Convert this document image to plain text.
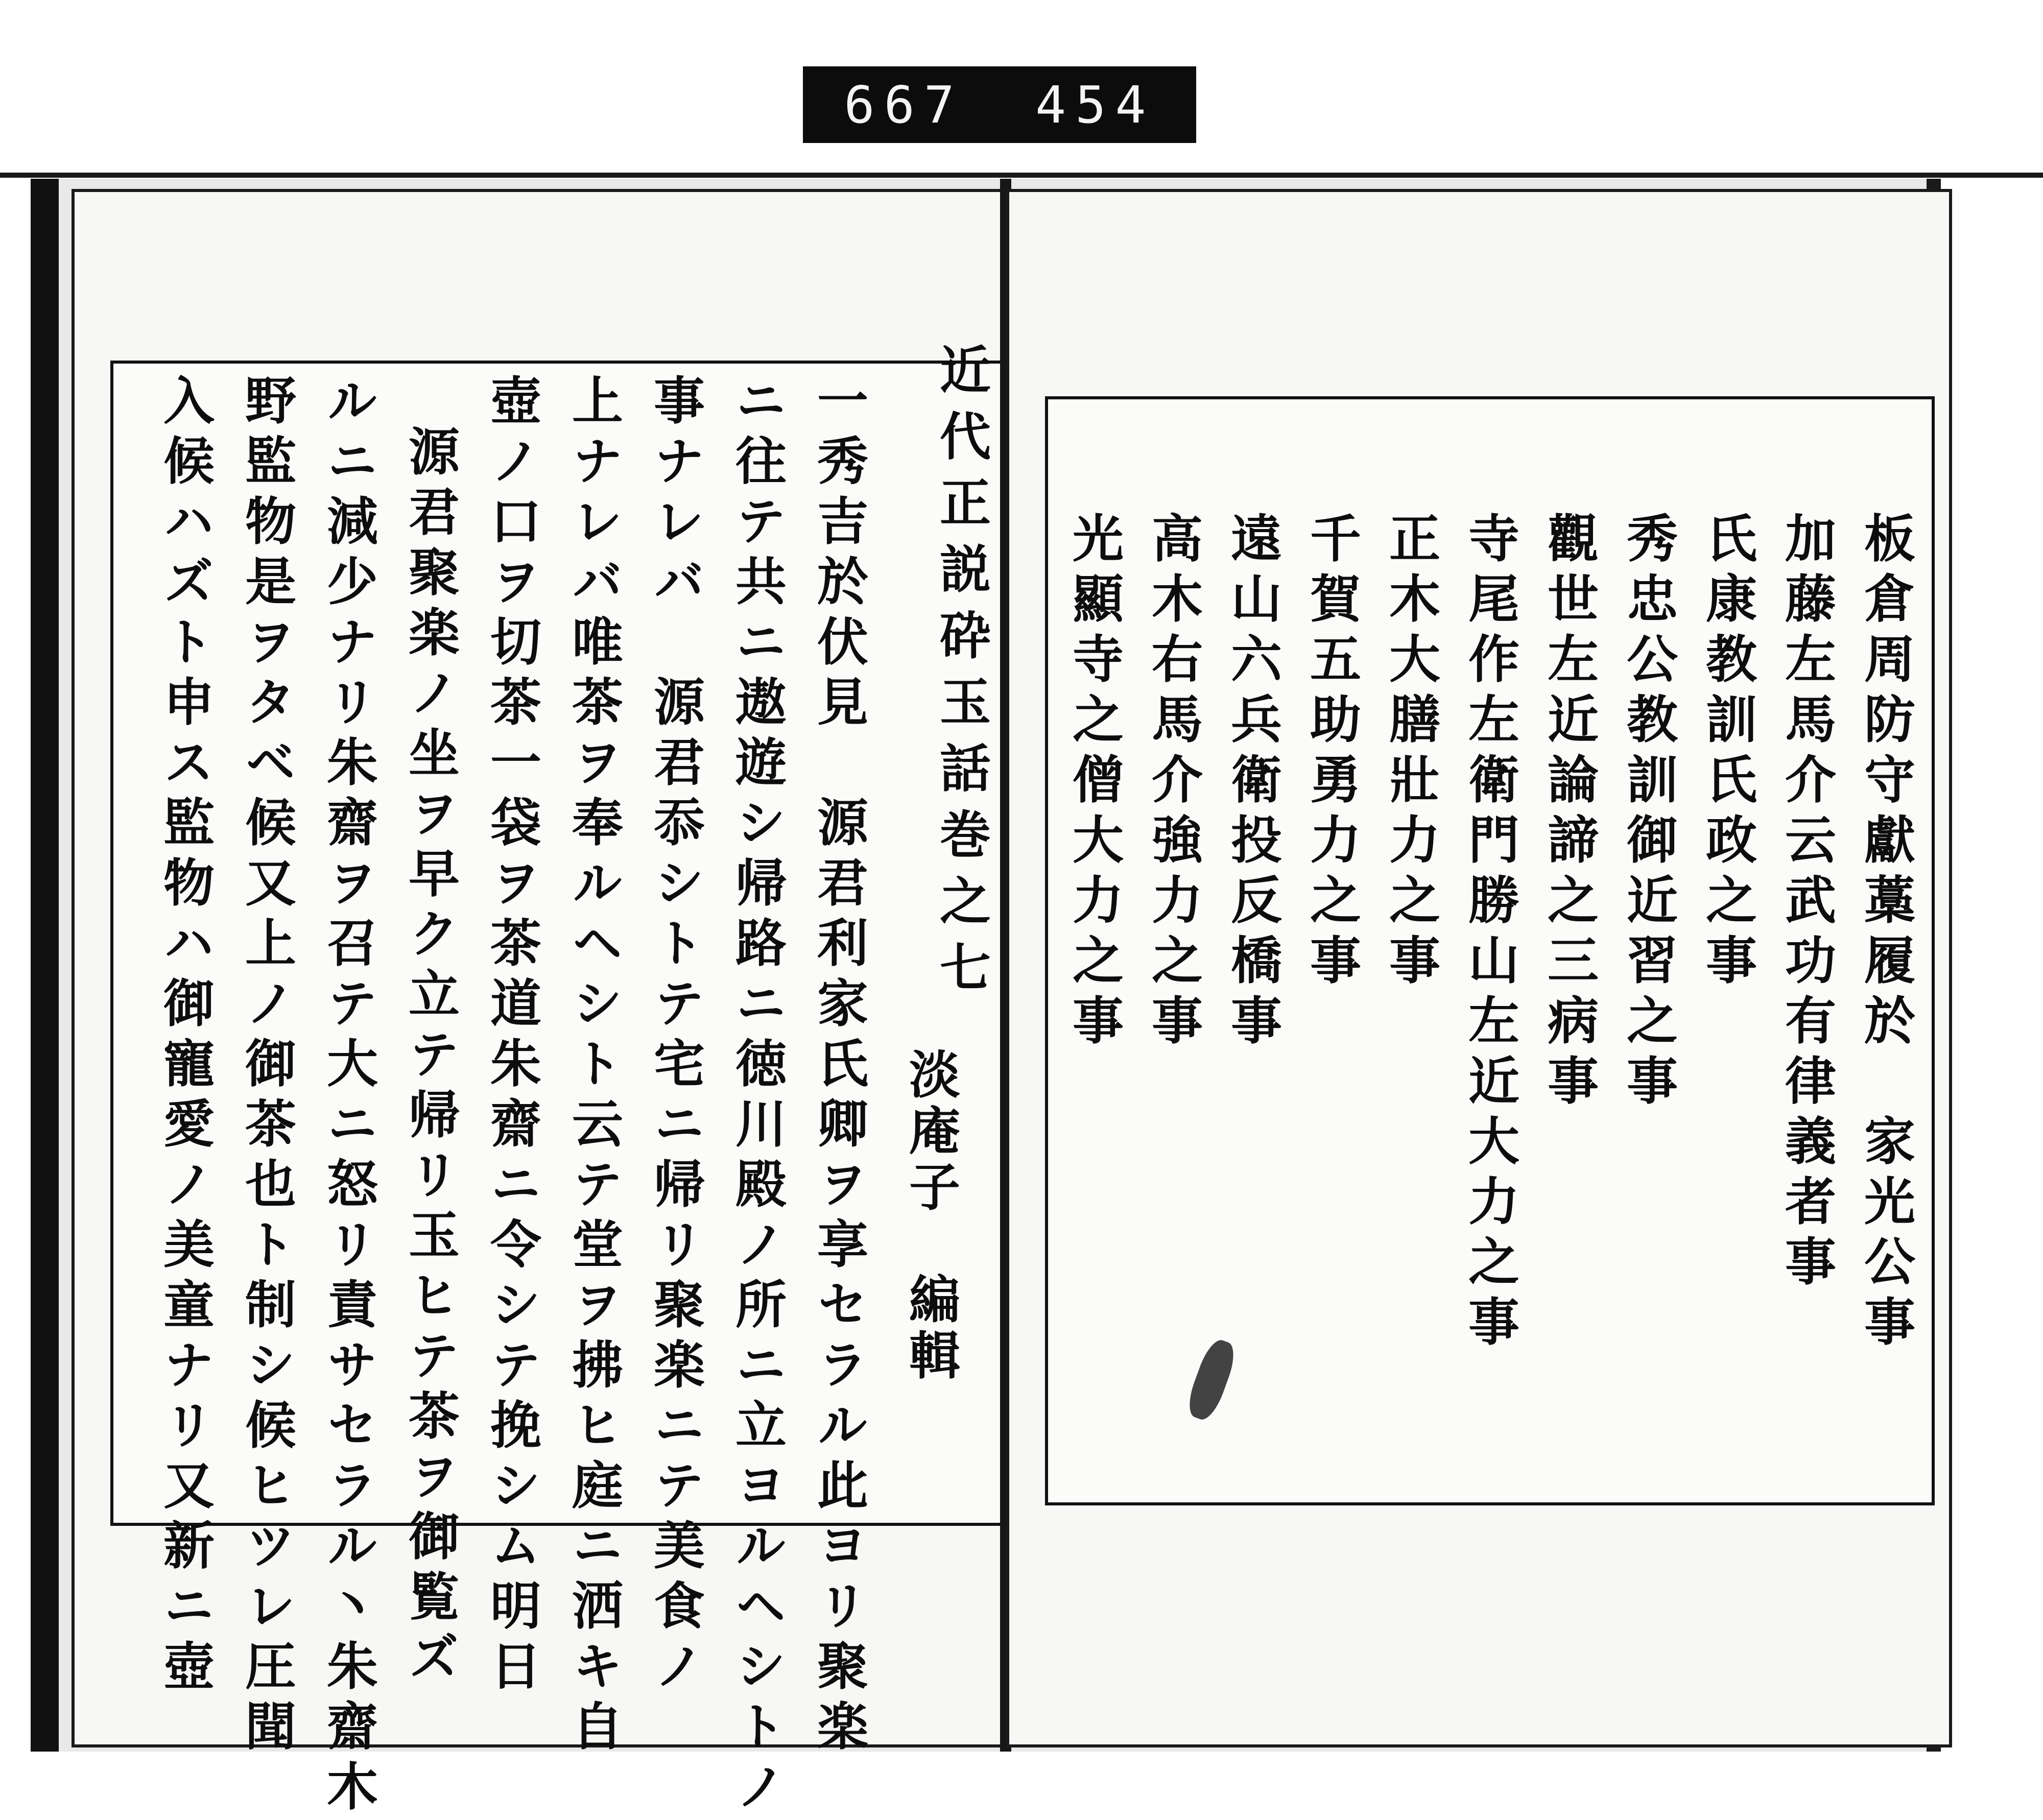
667 454
近代正説砕玉話巻之七
淡庵子　編輯
一秀吉於伏見　源君利家氏卿ヲ享セラル此ヨリ聚楽
ニ往テ共ニ遨遊シ帰路ニ徳川殿ノ所ニ立ヨルヘシトノ
事ナレバ　源君忝シトテ宅ニ帰リ聚楽ニテ美食ノ
上ナレバ唯茶ヲ奉ルヘシト云テ堂ヲ拂ヒ庭ニ洒キ自
壺ノ口ヲ切茶一袋ヲ茶道朱齋ニ令シテ挽シム明日
源君聚楽ノ坐ヲ早ク立テ帰リ玉ヒテ茶ヲ御覧ズ
ルニ減少ナリ朱齋ヲ召テ大ニ怒リ責サセラル丶朱齋木
野監物是ヲタベ候又上ノ御茶也ト制シ候ヒツレ圧聞
入候ハズト申ス監物ハ御寵愛ノ美童ナリ又新ニ壺	板倉周防守獻藁履於　家光公事
加藤左馬介云武功有律義者事
氏康教訓氏政之事
秀忠公教訓御近習之事
觀世左近論諦之三病事
寺尾作左衛門勝山左近大力之事
正木大膳壯力之事
千賀五助勇力之事
遠山六兵衛投反橋事
高木右馬介強力之事
光顯寺之僧大力之事
